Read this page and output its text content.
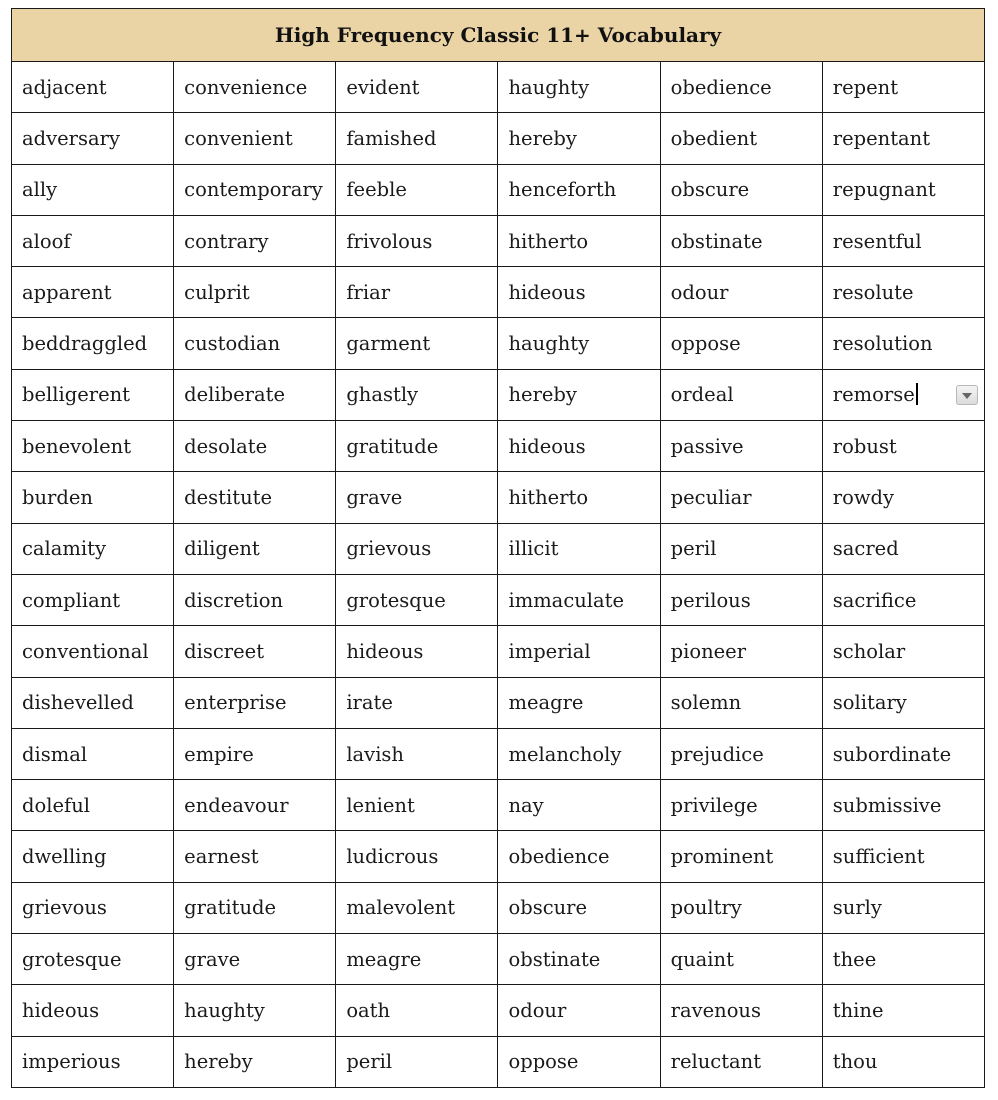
High Frequency Classic 11+ Vocabulary					
adjacent	convenience	evident	haughty	obedience	repent
adversary	convenient	famished	hereby	obedient	repentant
ally	contemporary	feeble	henceforth	obscure	repugnant
aloof	contrary	frivolous	hitherto	obstinate	resentful
apparent	culprit	friar	hideous	odour	resolute
beddraggled	custodian	garment	haughty	oppose	resolution
belligerent	deliberate	ghastly	hereby	ordeal	remorse

benevolent	desolate	gratitude	hideous	passive	robust
burden	destitute	grave	hitherto	peculiar	rowdy
calamity	diligent	grievous	illicit	peril	sacred
compliant	discretion	grotesque	immaculate	perilous	sacrifice
conventional	discreet	hideous	imperial	pioneer	scholar
dishevelled	enterprise	irate	meagre	solemn	solitary
dismal	empire	lavish	melancholy	prejudice	subordinate
doleful	endeavour	lenient	nay	privilege	submissive
dwelling	earnest	ludicrous	obedience	prominent	sufficient
grievous	gratitude	malevolent	obscure	poultry	surly
grotesque	grave	meagre	obstinate	quaint	thee
hideous	haughty	oath	odour	ravenous	thine
imperious	hereby	peril	oppose	reluctant	thou
